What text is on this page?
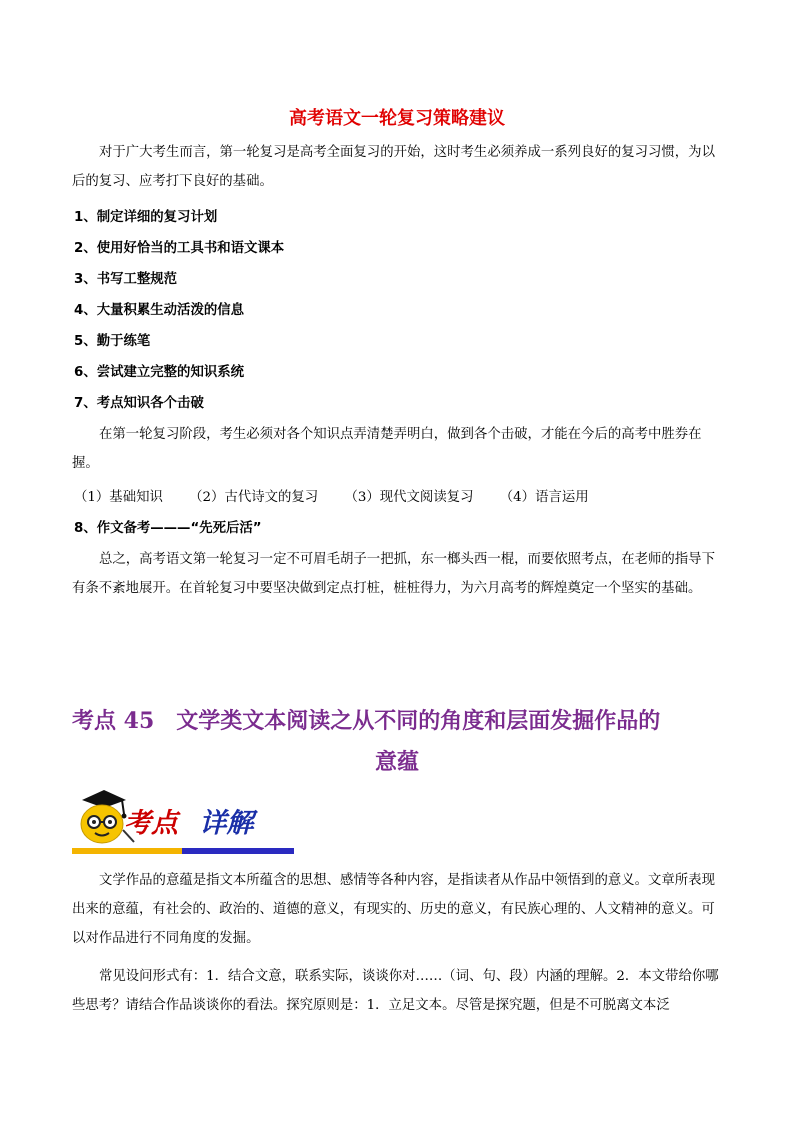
高考语文一轮复习策略建议
对于广大考生而言，第一轮复习是高考全面复习的开始，这时考生必须养成一系列良好的复习习惯，为以后的复习、应考打下良好的基础。
1、制定详细的复习计划
2、使用好恰当的工具书和语文课本
3、书写工整规范
4、大量积累生动活泼的信息
5、勤于练笔
6、尝试建立完整的知识系统
7、考点知识各个击破
在第一轮复习阶段，考生必须对各个知识点弄清楚弄明白，做到各个击破，才能在今后的高考中胜券在握。
（1）基础知识 （2）古代诗文的复习 （3）现代文阅读复习 （4）语言运用
8、作文备考———“先死后活”
总之，高考语文第一轮复习一定不可眉毛胡子一把抓，东一榔头西一棍，而要依照考点，在老师的指导下有条不紊地展开。在首轮复习中要坚决做到定点打桩，桩桩得力，为六月高考的辉煌奠定一个坚实的基础。
考点 45　文学类文本阅读之从不同的角度和层面发掘作品的
意蕴
考点 详解
文学作品的意蕴是指文本所蕴含的思想、感情等各种内容，是指读者从作品中领悟到的意义。文章所表现出来的意蕴，有社会的、政治的、道德的意义，有现实的、历史的意义，有民族心理的、人文精神的意义。可以对作品进行不同角度的发掘。
常见设问形式有：1．结合文意，联系实际，谈谈你对……（词、句、段）内涵的理解。2．本文带给你哪些思考？请结合作品谈谈你的看法。探究原则是：1．立足文本。尽管是探究题，但是不可脱离文本泛
